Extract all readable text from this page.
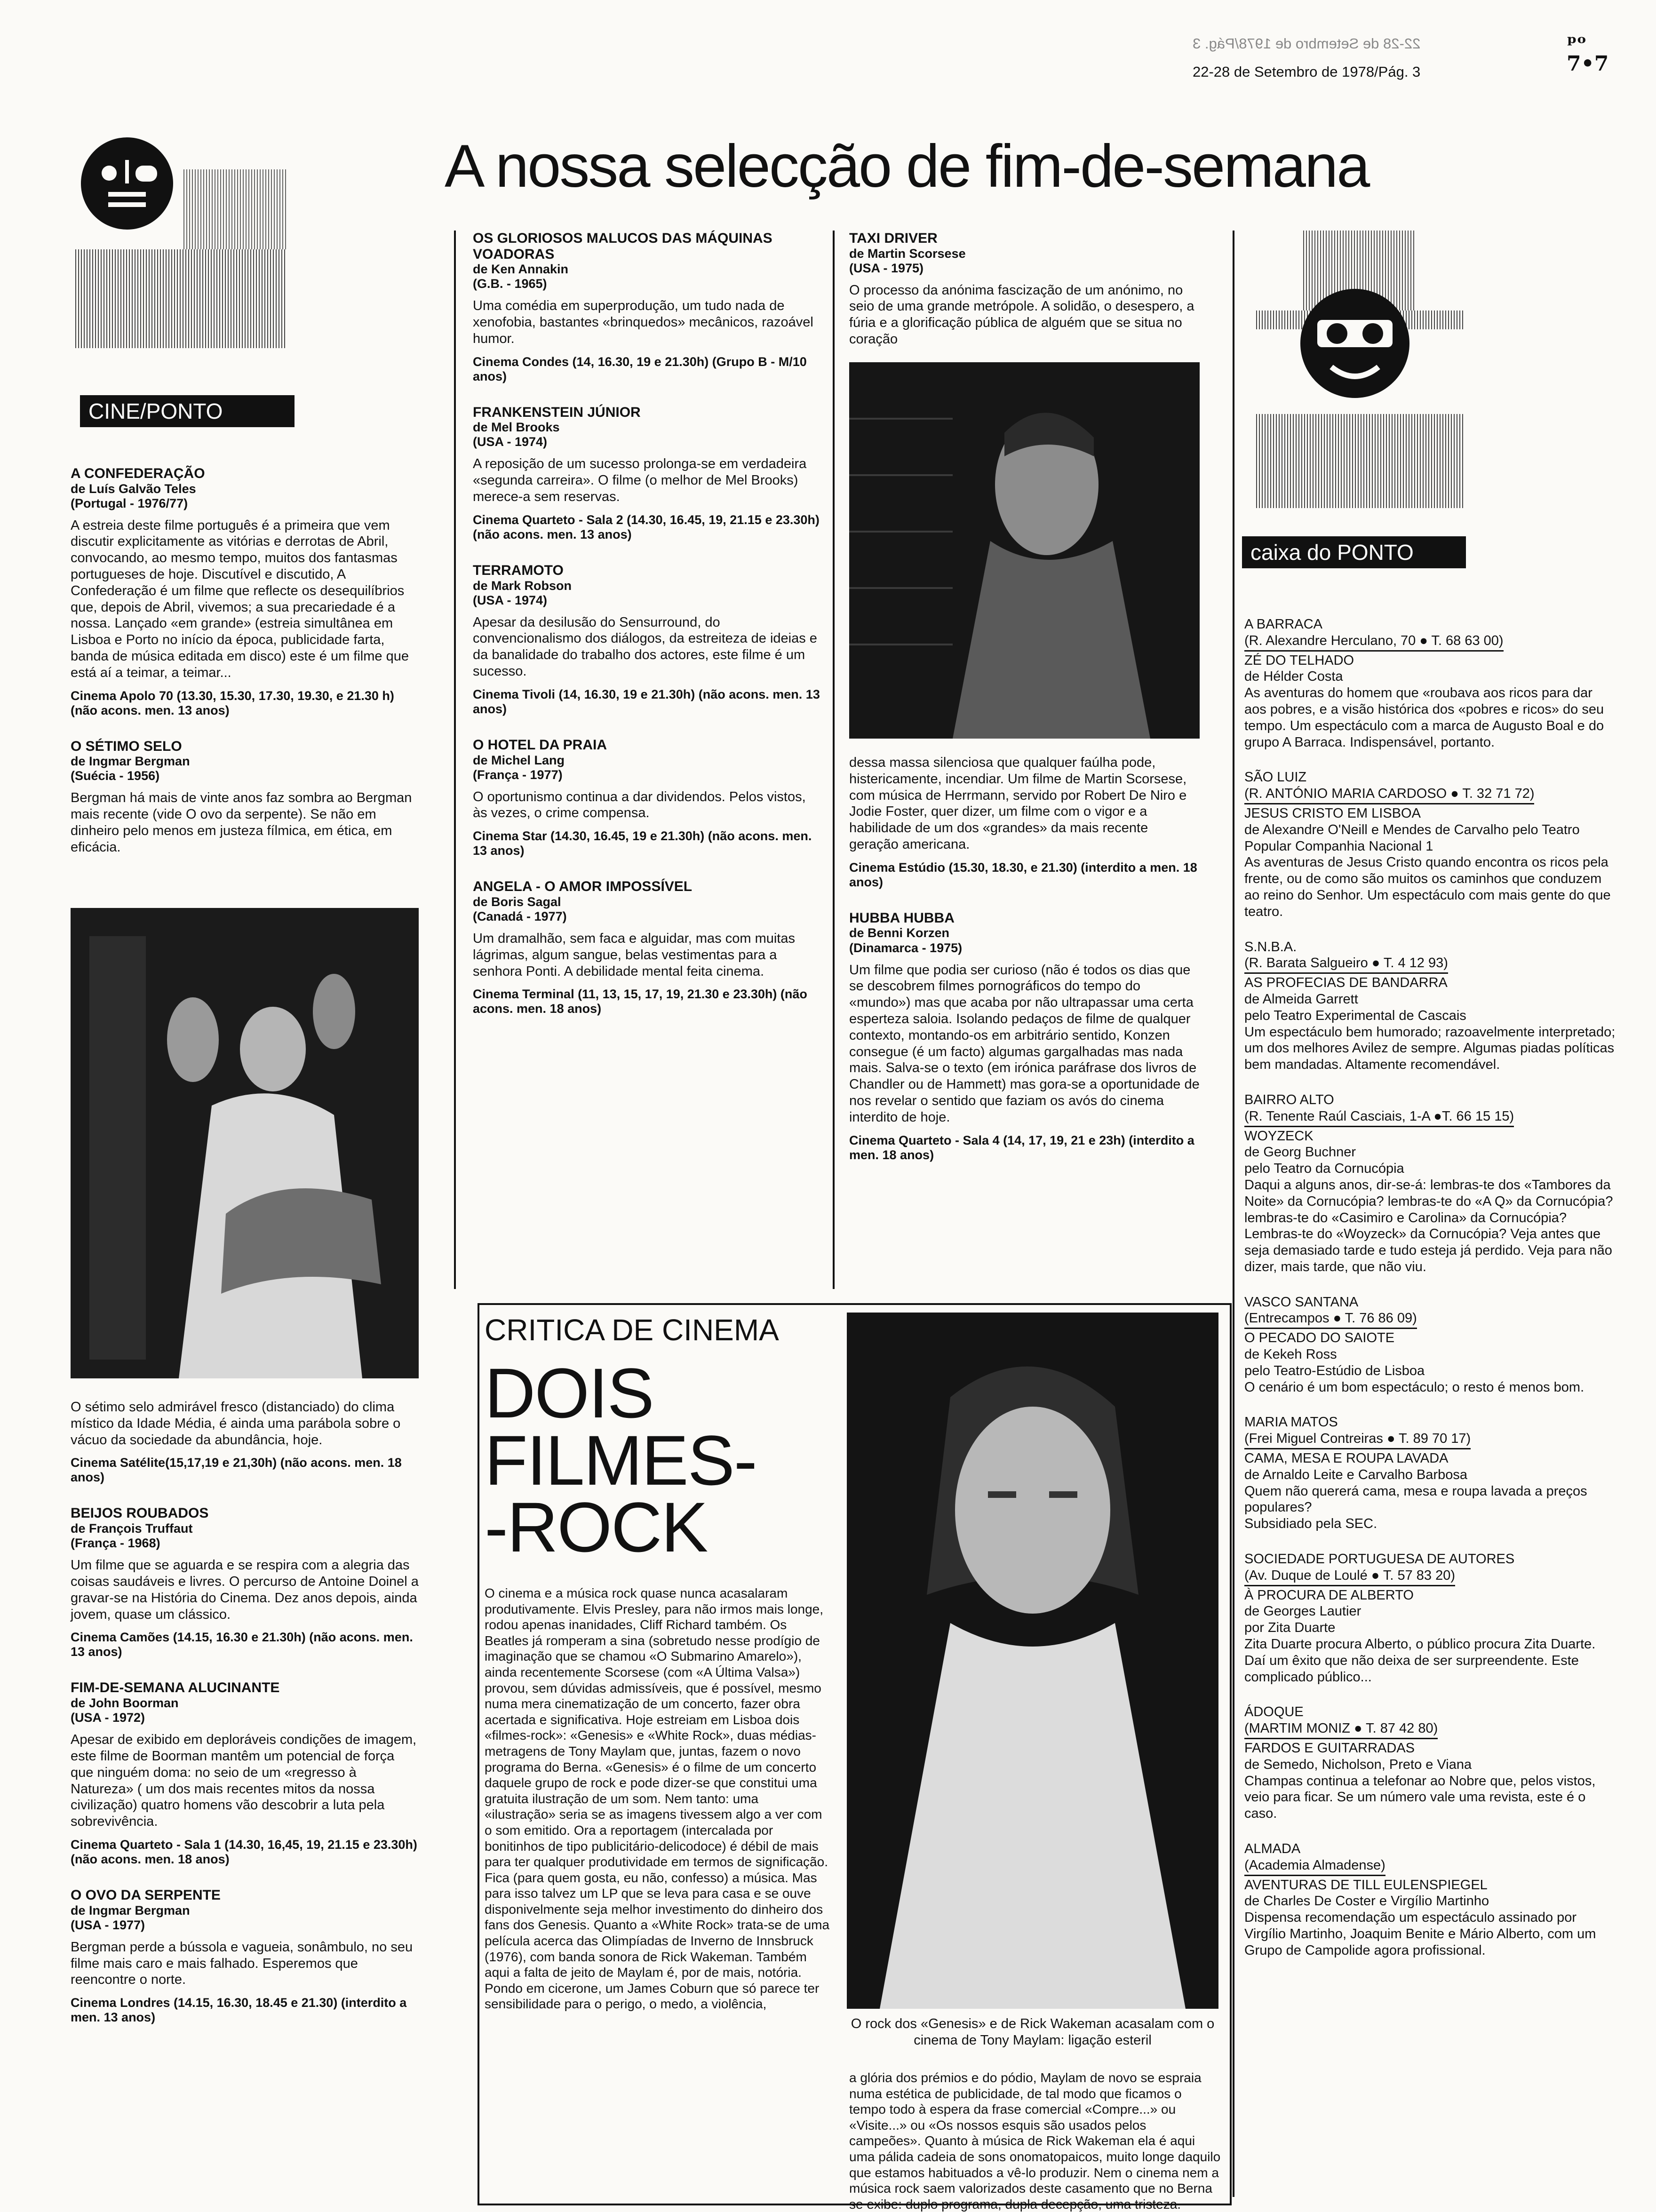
22-28 de Setembro de 1978/Pág. 3
22-28 de Setembro de 1978/Pág. 3
ᵖᵒ
7•7
A nossa selecção de fim-de-semana
CINE/PONTO
A CONFEDERAÇÃO
de Luís Galvão Teles
(Portugal - 1976/77)
A estreia deste filme português é a primeira que vem discutir explicitamente as vitórias e derrotas de Abril, convocando, ao mesmo tempo, muitos dos fantasmas portugueses de hoje. Discutível e discutido, A Confederação é um filme que reflecte os desequilíbrios que, depois de Abril, vivemos; a sua precariedade é a nossa. Lançado «em grande» (estreia simultânea em Lisboa e Porto no início da época, publicidade farta, banda de música editada em disco) este é um filme que está aí a teimar, a teimar...
Cinema Apolo 70 (13.30, 15.30, 17.30, 19.30, e 21.30 h) (não acons. men. 13 anos)
O SÉTIMO SELO
de Ingmar Bergman
(Suécia - 1956)
Bergman há mais de vinte anos faz sombra ao Bergman mais recente (vide O ovo da serpente). Se não em dinheiro pelo menos em justeza fílmica, em ética, em eficácia.
O sétimo selo admirável fresco (distanciado) do clima místico da Idade Média, é ainda uma parábola sobre o vácuo da sociedade da abundância, hoje.
Cinema Satélite(15,17,19 e 21,30h) (não acons. men. 18 anos)
BEIJOS ROUBADOS
de François Truffaut
(França - 1968)
Um filme que se aguarda e se respira com a alegria das coisas saudáveis e livres. O percurso de Antoine Doinel a gravar-se na História do Cinema. Dez anos depois, ainda jovem, quase um clássico.
Cinema Camões (14.15, 16.30 e 21.30h) (não acons. men. 13 anos)
FIM-DE-SEMANA ALUCINANTE
de John Boorman
(USA - 1972)
Apesar de exibido em deploráveis condições de imagem, este filme de Boorman mantêm um potencial de força que ninguém doma: no seio de um «regresso à Natureza» ( um dos mais recentes mitos da nossa civilização) quatro homens vão descobrir a luta pela sobrevivência.
Cinema Quarteto - Sala 1 (14.30, 16,45, 19, 21.15 e 23.30h) (não acons. men. 18 anos)
O OVO DA SERPENTE
de Ingmar Bergman
(USA - 1977)
Bergman perde a bússola e vagueia, sonâmbulo, no seu filme mais caro e mais falhado. Esperemos que reencontre o norte.
Cinema Londres (14.15, 16.30, 18.45 e 21.30) (interdito a men. 13 anos)
OS GLORIOSOS MALUCOS DAS MÁQUINAS VOADORAS
de Ken Annakin
(G.B. - 1965)
Uma comédia em superprodução, um tudo nada de xenofobia, bastantes «brinquedos» mecânicos, razoável humor.
Cinema Condes (14, 16.30, 19 e 21.30h) (Grupo B - M/10 anos)
FRANKENSTEIN JÚNIOR
de Mel Brooks
(USA - 1974)
A reposição de um sucesso prolonga-se em verdadeira «segunda carreira». O filme (o melhor de Mel Brooks) merece-a sem reservas.
Cinema Quarteto - Sala 2 (14.30, 16.45, 19, 21.15 e 23.30h) (não acons. men. 13 anos)
TERRAMOTO
de Mark Robson
(USA - 1974)
Apesar da desilusão do Sensurround, do convencionalismo dos diálogos, da estreiteza de ideias e da banalidade do trabalho dos actores, este filme é um sucesso.
Cinema Tivoli (14, 16.30, 19 e 21.30h) (não acons. men. 13 anos)
O HOTEL DA PRAIA
de Michel Lang
(França - 1977)
O oportunismo continua a dar dividendos. Pelos vistos, às vezes, o crime compensa.
Cinema Star (14.30, 16.45, 19 e 21.30h) (não acons. men. 13 anos)
ANGELA - O AMOR IMPOSSÍVEL
de Boris Sagal
(Canadá - 1977)
Um dramalhão, sem faca e alguidar, mas com muitas lágrimas, algum sangue, belas vestimentas para a senhora Ponti. A debilidade mental feita cinema.
Cinema Terminal (11, 13, 15, 17, 19, 21.30 e 23.30h) (não acons. men. 18 anos)
TAXI DRIVER
de Martin Scorsese
(USA - 1975)
O processo da anónima fascização de um anónimo, no seio de uma grande metrópole. A solidão, o desespero, a fúria e a glorificação pública de alguém que se situa no coração
dessa massa silenciosa que qualquer faúlha pode, histericamente, incendiar. Um filme de Martin Scorsese, com música de Herrmann, servido por Robert De Niro e Jodie Foster, quer dizer, um filme com o vigor e a habilidade de um dos «grandes» da mais recente geração americana.
Cinema Estúdio (15.30, 18.30, e 21.30) (interdito a men. 18 anos)
HUBBA HUBBA
de Benni Korzen
(Dinamarca - 1975)
Um filme que podia ser curioso (não é todos os dias que se descobrem filmes pornográficos do tempo do «mundo») mas que acaba por não ultrapassar uma certa esperteza saloia. Isolando pedaços de filme de qualquer contexto, montando-os em arbitrário sentido, Konzen consegue (é um facto) algumas gargalhadas mas nada mais. Salva-se o texto (em irónica paráfrase dos livros de Chandler ou de Hammett) mas gora-se a oportunidade de nos revelar o sentido que faziam os avós do cinema interdito de hoje.
Cinema Quarteto - Sala 4 (14, 17, 19, 21 e 23h) (interdito a men. 18 anos)
caixa do PONTO
A BARRACA
(R. Alexandre Herculano, 70 ● T. 68 63 00)
ZÉ DO TELHADO
de Hélder Costa
As aventuras do homem que «roubava aos ricos para dar aos pobres, e a visão histórica dos «pobres e ricos» do seu tempo. Um espectáculo com a marca de Augusto Boal e do grupo A Barraca. Indispensável, portanto.
SÃO LUIZ
(R. ANTÓNIO MARIA CARDOSO ● T. 32 71 72)
JESUS CRISTO EM LISBOA
de Alexandre O'Neill e Mendes de Carvalho pelo Teatro Popular Companhia Nacional 1
As aventuras de Jesus Cristo quando encontra os ricos pela frente, ou de como são muitos os caminhos que conduzem ao reino do Senhor. Um espectáculo com mais gente do que teatro.
S.N.B.A.
(R. Barata Salgueiro ● T. 4 12 93)
AS PROFECIAS DE BANDARRA
de Almeida Garrett
pelo Teatro Experimental de Cascais
Um espectáculo bem humorado; razoavelmente interpretado; um dos melhores Avilez de sempre. Algumas piadas políticas bem mandadas. Altamente recomendável.
BAIRRO ALTO
(R. Tenente Raúl Casciais, 1-A ●T. 66 15 15)
WOYZECK
de Georg Buchner
pelo Teatro da Cornucópia
Daqui a alguns anos, dir-se-á: lembras-te dos «Tambores da Noite» da Cornucópia? lembras-te do «A Q» da Cornucópia? lembras-te do «Casimiro e Carolina» da Cornucópia?
Lembras-te do «Woyzeck» da Cornucópia? Veja antes que seja demasiado tarde e tudo esteja já perdido. Veja para não dizer, mais tarde, que não viu.
VASCO SANTANA
(Entrecampos ● T. 76 86 09)
O PECADO DO SAIOTE
de Kekeh Ross
pelo Teatro-Estúdio de Lisboa
O cenário é um bom espectáculo; o resto é menos bom.
MARIA MATOS
(Frei Miguel Contreiras ● T. 89 70 17)
CAMA, MESA E ROUPA LAVADA
de Arnaldo Leite e Carvalho Barbosa
Quem não quererá cama, mesa e roupa lavada a preços populares?
Subsidiado pela SEC.
SOCIEDADE PORTUGUESA DE AUTORES
(Av. Duque de Loulé ● T. 57 83 20)
À PROCURA DE ALBERTO
de Georges Lautier
por Zita Duarte
Zita Duarte procura Alberto, o público procura Zita Duarte. Daí um êxito que não deixa de ser surpreendente. Este complicado público...
ÁDOQUE
(MARTIM MONIZ ● T. 87 42 80)
FARDOS E GUITARRADAS
de Semedo, Nicholson, Preto e Viana
Champas continua a telefonar ao Nobre que, pelos vistos, veio para ficar. Se um número vale uma revista, este é o caso.
ALMADA
(Academia Almadense)
AVENTURAS DE TILL EULENSPIEGEL
de Charles De Coster e Virgílio Martinho
Dispensa recomendação um espectáculo assinado por Virgílio Martinho, Joaquim Benite e Mário Alberto, com um Grupo de Campolide agora profissional.
CRITICA DE CINEMA
DOIS
FILMES-
-ROCK
O rock dos «Genesis» e de Rick Wakeman acasalam com o cinema de Tony Maylam: ligação esteril
O cinema e a música rock quase nunca acasalaram produtivamente. Elvis Presley, para não irmos mais longe, rodou apenas inanidades, Cliff Richard também. Os Beatles já romperam a sina (sobretudo nesse prodígio de imaginação que se chamou «O Submarino Amarelo»), ainda recentemente Scorsese (com «A Última Valsa») provou, sem dúvidas admissíveis, que é possível, mesmo numa mera cinematização de um concerto, fazer obra acertada e significativa. Hoje estreiam em Lisboa dois «filmes-rock»: «Genesis» e «White Rock», duas médias-metragens de Tony Maylam que, juntas, fazem o novo programa do Berna. «Genesis» é o filme de um concerto daquele grupo de rock e pode dizer-se que constitui uma gratuita ilustração de um som. Nem tanto: uma «ilustração» seria se as imagens tivessem algo a ver com o som emitido. Ora a reportagem (intercalada por bonitinhos de tipo publicitário-delicodoce) é débil de mais para ter qualquer produtividade em termos de significação. Fica (para quem gosta, eu não, confesso) a música. Mas para isso talvez um LP que se leva para casa e se ouve disponivelmente seja melhor investimento do dinheiro dos fans dos Genesis. Quanto a «White Rock» trata-se de uma película acerca das Olimpíadas de Inverno de Innsbruck (1976), com banda sonora de Rick Wakeman. Também aqui a falta de jeito de Maylam é, por de mais, notória. Pondo em cicerone, um James Coburn que só parece ter sensibilidade para o perigo, o medo, a violência,
a glória dos prémios e do pódio, Maylam de novo se espraia numa estética de publicidade, de tal modo que ficamos o tempo todo à espera da frase comercial «Compre...» ou «Visite...» ou «Os nossos esquis são usados pelos campeões». Quanto à música de Rick Wakeman ela é aqui uma pálida cadeia de sons onomatopaicos, muito longe daquilo que estamos habituados a vê-lo produzir. Nem o cinema nem a música rock saem valorizados deste casamento que no Berna se exibe: duplo programa, dupla decepção, uma tristeza.
